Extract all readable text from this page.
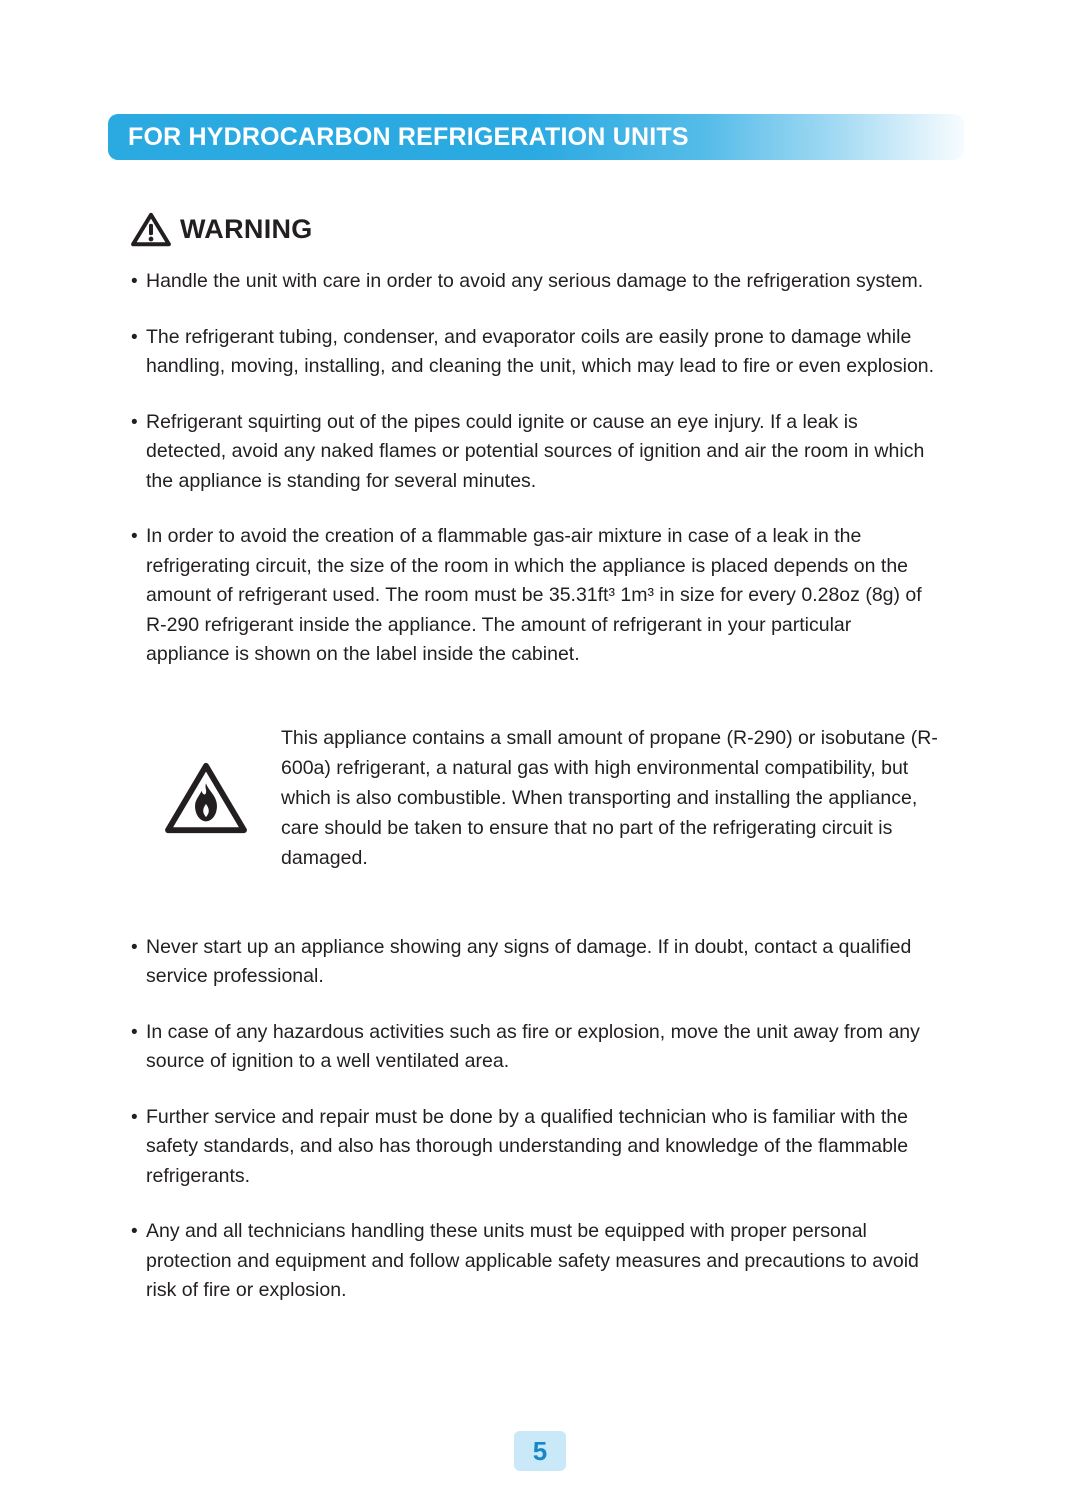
FOR HYDROCARBON REFRIGERATION UNITS
WARNING
• Handle the unit with care in order to avoid any serious damage to the refrigeration system.
• The refrigerant tubing, condenser, and evaporator coils are easily prone to damage while handling, moving, installing, and cleaning the unit, which may lead to fire or even explosion.
• Refrigerant squirting out of the pipes could ignite or cause an eye injury. If a leak is detected, avoid any naked flames or potential sources of ignition and air the room in which the appliance is standing for several minutes.
• In order to avoid the creation of a flammable gas-air mixture in case of a leak in the refrigerating circuit, the size of the room in which the appliance is placed depends on the amount of refrigerant used. The room must be 35.31ft³ 1m³ in size for every 0.28oz (8g) of R-290 refrigerant inside the appliance. The amount of refrigerant in your particular appliance is shown on the label inside the cabinet.

This appliance contains a small amount of propane (R-290) or isobutane (R-600a) refrigerant, a natural gas with high environmental compatibility, but which is also combustible. When transporting and installing the appliance, care should be taken to ensure that no part of the refrigerating circuit is damaged.

• Never start up an appliance showing any signs of damage. If in doubt, contact a qualified service professional.
• In case of any hazardous activities such as fire or explosion, move the unit away from any source of ignition to a well ventilated area.
• Further service and repair must be done by a qualified technician who is familiar with the safety standards, and also has thorough understanding and knowledge of the flammable refrigerants.
• Any and all technicians handling these units must be equipped with proper personal protection and equipment and follow applicable safety measures and precautions to avoid risk of fire or explosion.
5
